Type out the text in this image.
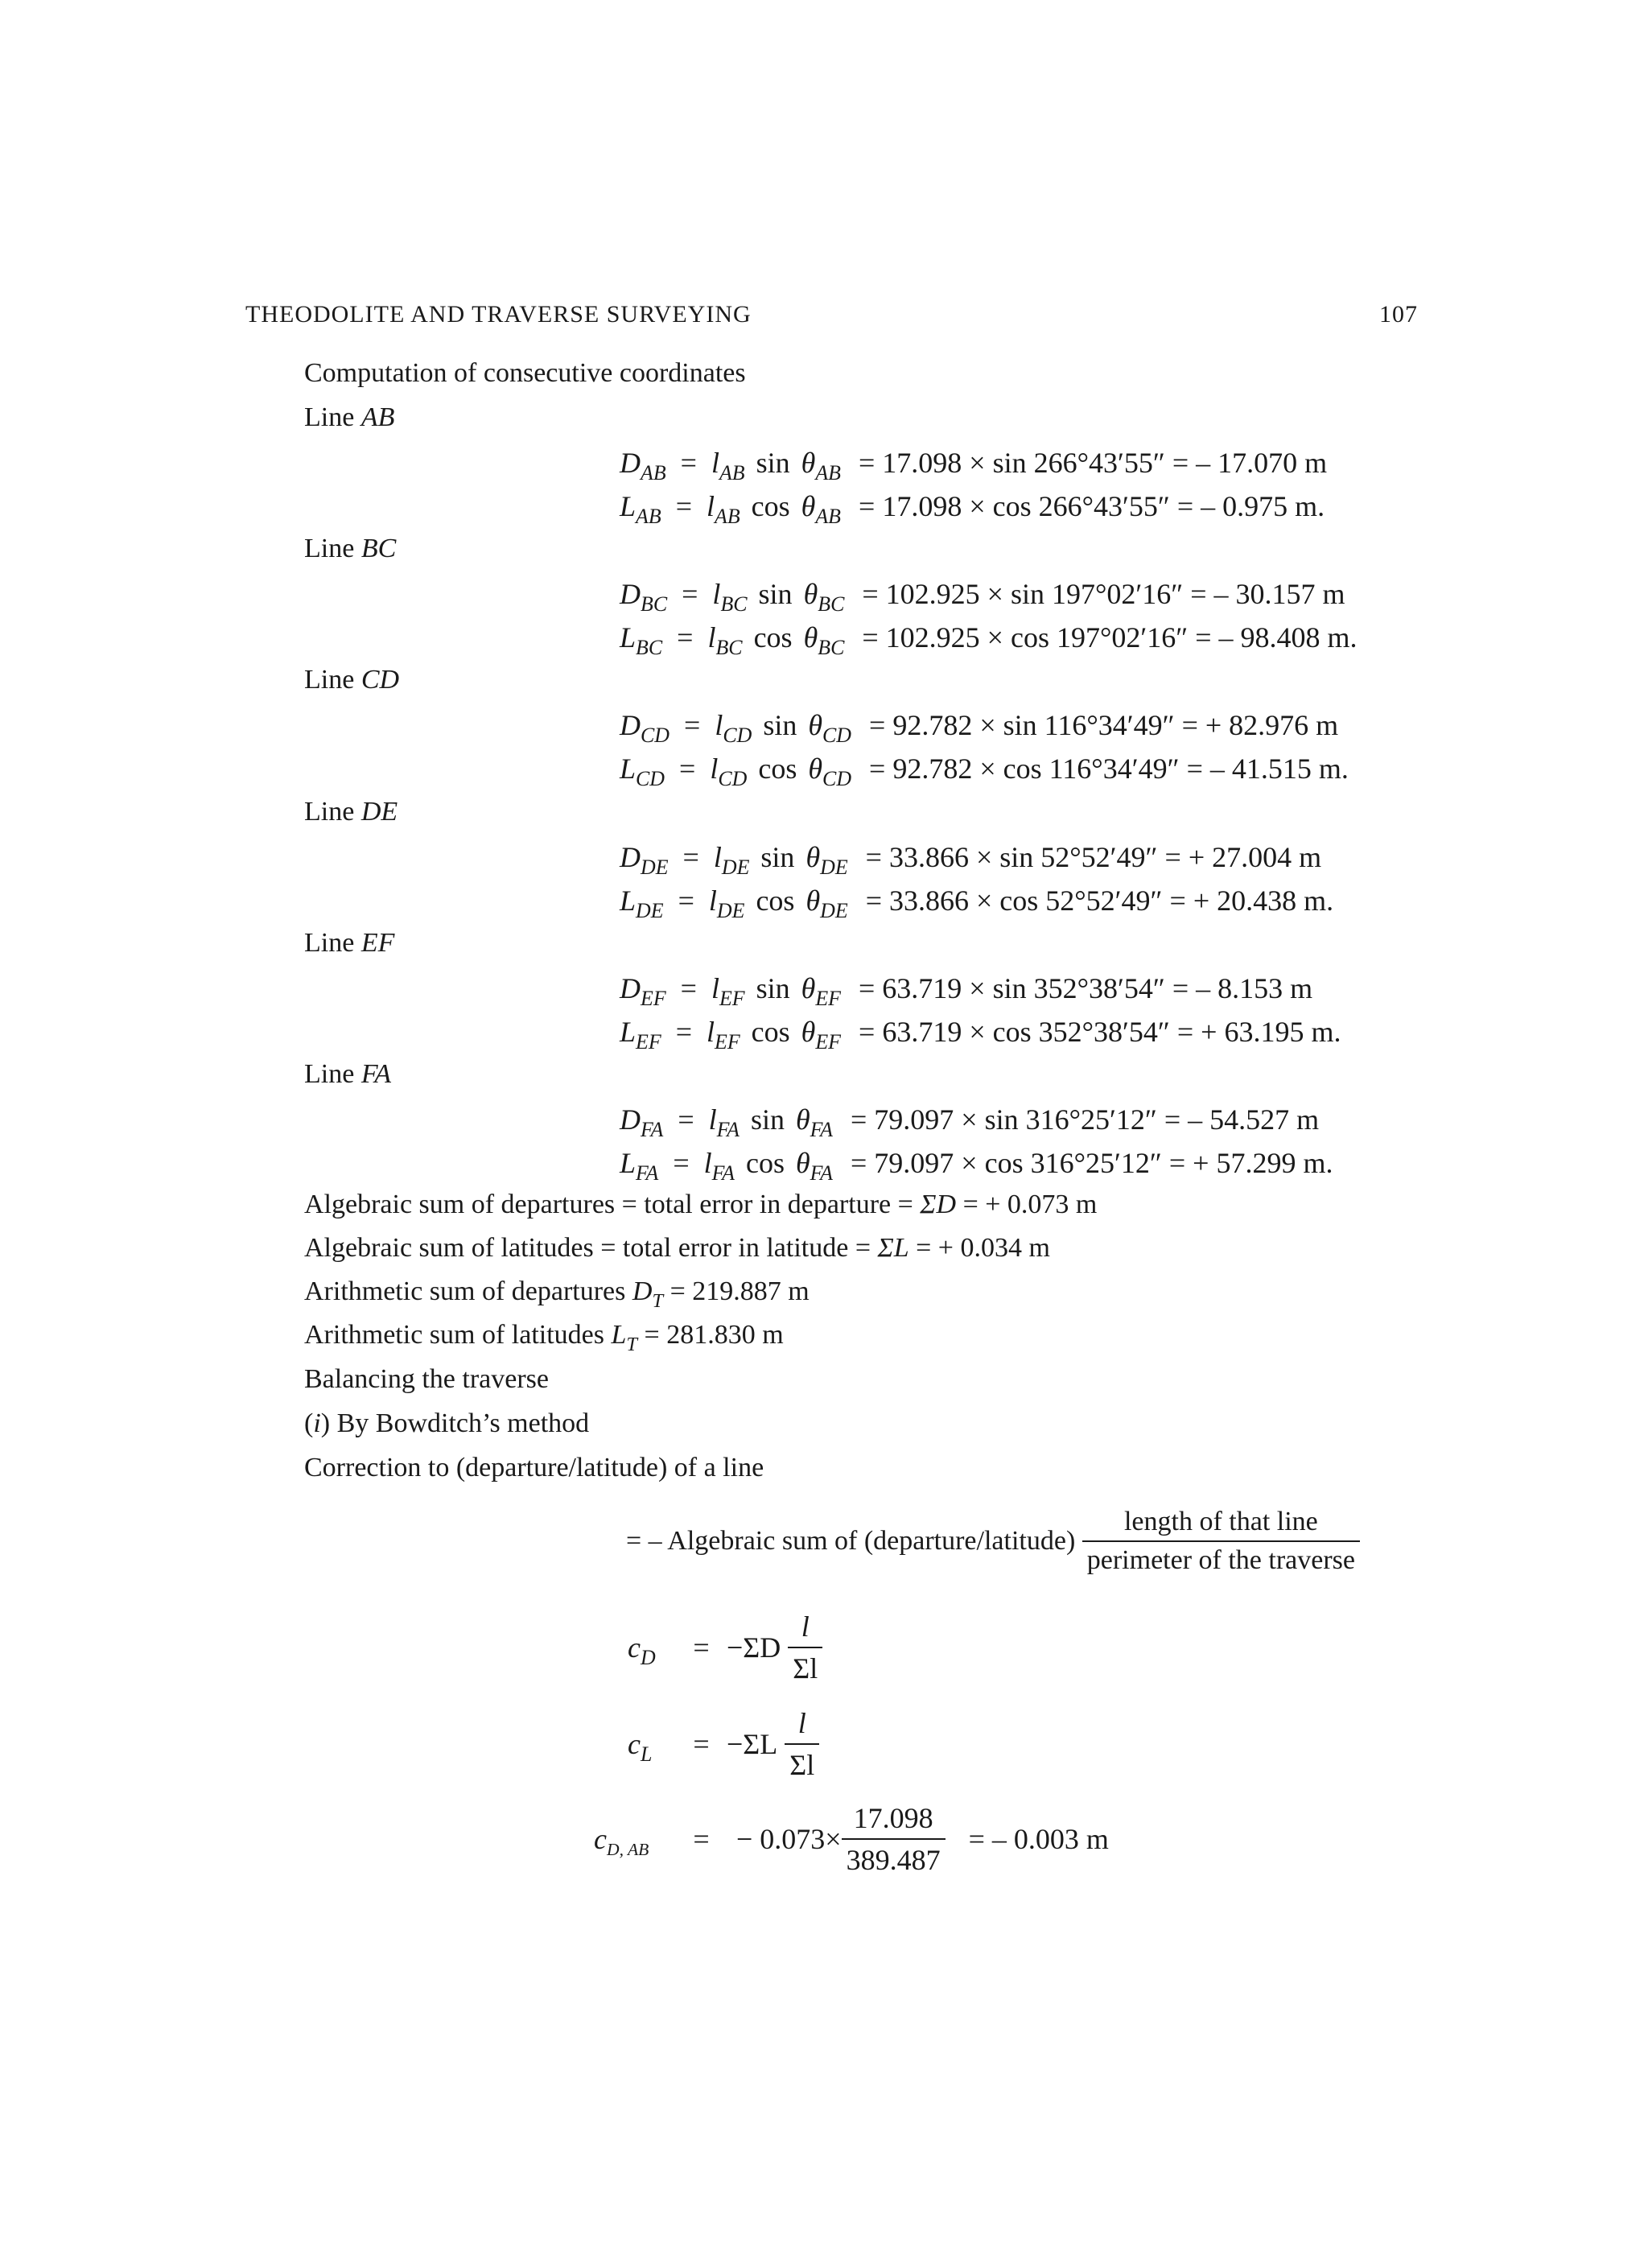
THEODOLITE AND TRAVERSE SURVEYING	107
Computation of consecutive coordinates
Line AB
$D_{AB} = l_{AB}$ $\sin \theta_{AB} = 17.098 \times \sin 266^\circ 43'55''$ = – 17.070 m
$L_{AB} = l_{AB}$ $\cos \theta_{AB} = 17.098 \times \cos 266^\circ 43'55''$ = – 0.975 m.
Line BC
$D_{BC} = l_{BC}$ $\sin \theta_{BC} = 102.925 \times \sin 197^\circ 02'16''$ = – 30.157 m
$L_{BC} = l_{BC}$ $\cos \theta_{BC} = 102.925 \times \cos 197^\circ 02'16''$ = – 98.408 m.
Line CD
$D_{CD} = l_{CD}$ $\sin \theta_{CD} = 92.782 \times \sin 116^\circ 34'49''$ = + 82.976 m
$L_{CD} = l_{CD}$ $\cos \theta_{CD} = 92.782 \times \cos 116^\circ 34'49''$ = – 41.515 m.
Line DE
$D_{DE} = l_{DE}$ $\sin \theta_{DE} = 33.866 \times \sin 52^\circ 52'49''$ = + 27.004 m
$L_{DE} = l_{DE}$ $\cos \theta_{DE} = 33.866 \times \cos 52^\circ 52'49''$ = + 20.438 m.
Line EF
$D_{EF} = l_{EF}$ $\sin \theta_{EF} = 63.719 \times \sin 352^\circ 38'54''$ = – 8.153 m
$L_{EF} = l_{EF}$ $\cos \theta_{EF} = 63.719 \times \cos 352^\circ 38'54''$ = + 63.195 m.
Line FA
$D_{FA} = l_{FA}$ $\sin \theta_{FA} = 79.097 \times \sin 316^\circ 25'12''$ = – 54.527 m
$L_{FA} = l_{FA}$ $\cos \theta_{FA} = 79.097 \times \cos 316^\circ 25'12''$ = + 57.299 m.
Algebraic sum of departures = total error in departure = ΣD = + 0.073 m
Algebraic sum of latitudes = total error in latitude = ΣL = + 0.034 m
Arithmetic sum of departures $D_T = 219.887$ m
Arithmetic sum of latitudes $L_T = 281.830$ m
Balancing the traverse
(i) By Bowditch’s method
Correction to (departure/latitude) of a line
= – Algebraic sum of (departure/latitude) $\frac{\text{length of that line}}{\text{perimeter of the traverse}}$
$c_D = -\Sigma D \frac{l}{\Sigma l}$
$c_L = -\Sigma L \frac{l}{\Sigma l}$
$c_{D, AB}$ = − $0.073\times \frac{17.098}{389.487}$ = – 0.003 m
